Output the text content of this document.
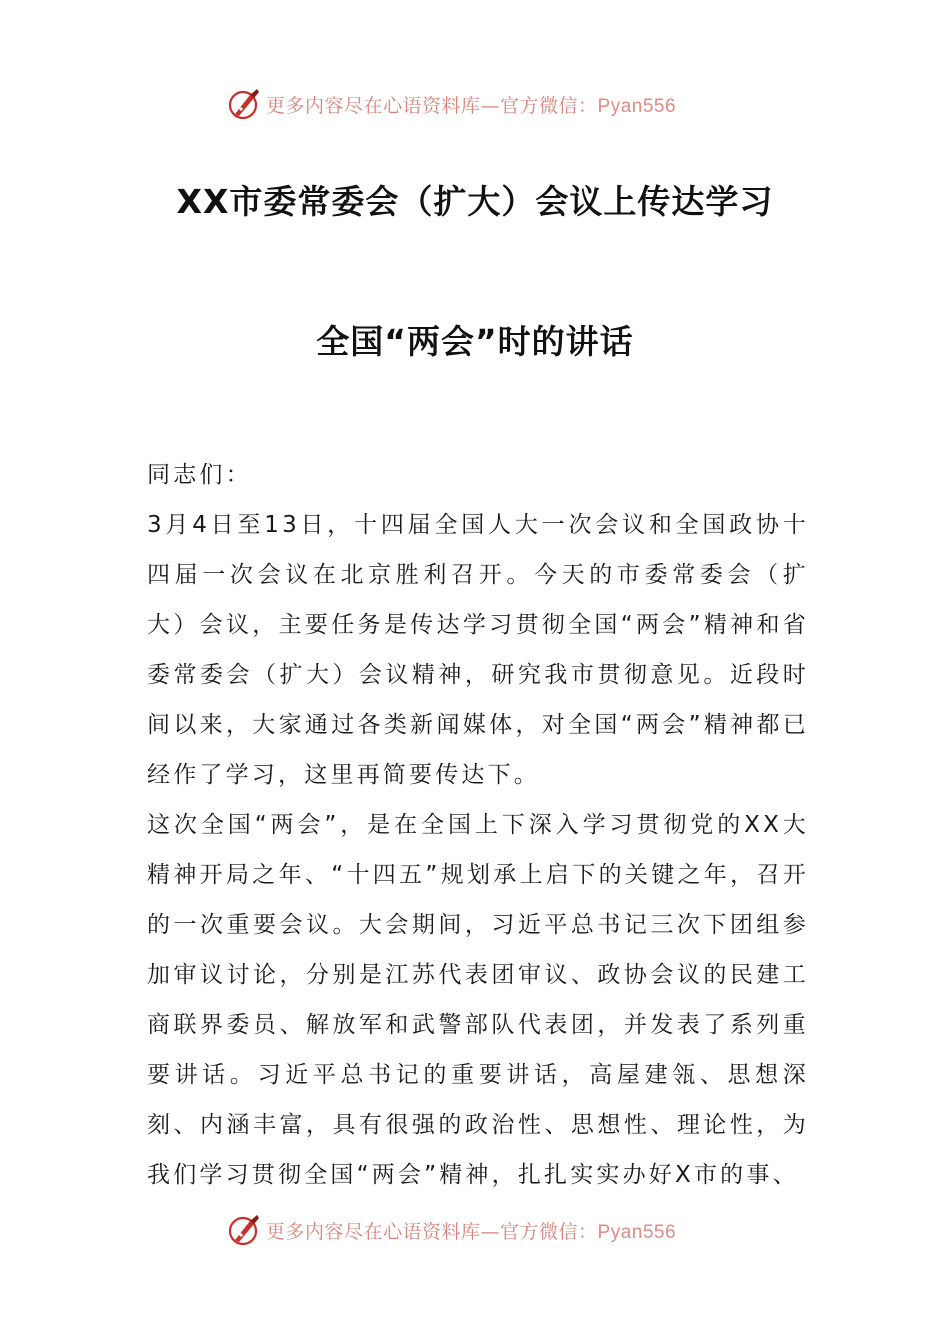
更多内容尽在心语资料库—官方微信：Pyan556
XX市委常委会（扩大）会议上传达学习
全国“两会”时的讲话

同志们：

3月4日至13日，十四届全国人大一次会议和全国政协十四届一次会议在北京胜利召开。今天的市委常委会（扩大）会议，主要任务是传达学习贯彻全国“两会”精神和省委常委会（扩大）会议精神，研究我市贯彻意见。近段时间以来，大家通过各类新闻媒体，对全国“两会”精神都已经作了学习，这里再简要传达下。

这次全国“两会”，是在全国上下深入学习贯彻党的XX大精神开局之年、“十四五”规划承上启下的关键之年，召开的一次重要会议。大会期间，习近平总书记三次下团组参加审议讨论，分别是江苏代表团审议、政协会议的民建工商联界委员、解放军和武警部队代表团，并发表了系列重要讲话。习近平总书记的重要讲话，高屋建瓴、思想深刻、内涵丰富，具有很强的政治性、思想性、理论性，为我们学习贯彻全国“两会”精神，扎扎实实办好X市的事、

更多内容尽在心语资料库—官方微信：Pyan556
